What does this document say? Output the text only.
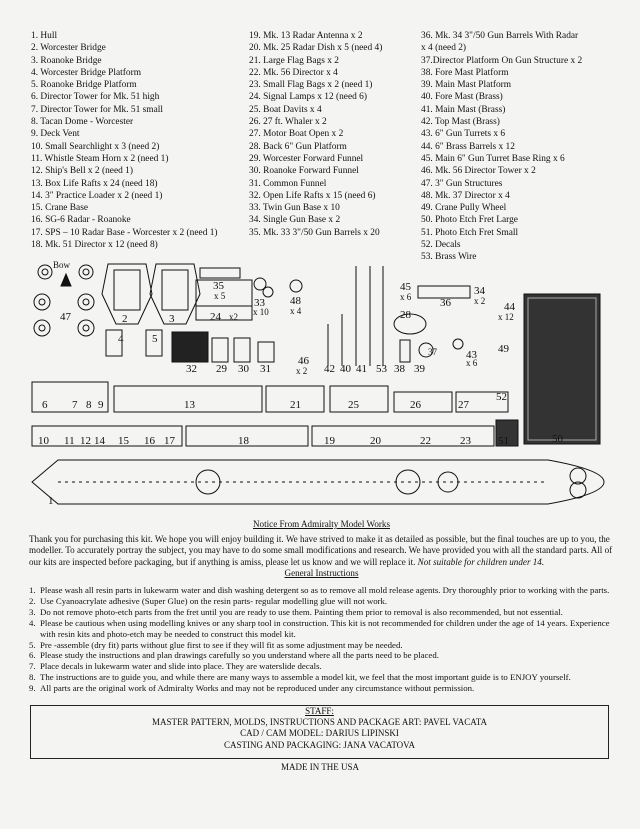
1. Hull
2. Worcester Bridge
3. Roanoke Bridge
4. Worcester Bridge Platform
5. Roanoke Bridge Platform
6. Director Tower for Mk. 51 high
7. Director Tower for Mk. 51 small
8. Tacan Dome - Worcester
9. Deck Vent
10. Small Searchlight x 3 (need 2)
11. Whistle Steam Horn x 2 (need 1)
12. Ship's Bell x 2 (need 1)
13. Box Life Rafts x 24 (need 18)
14. 3" Practice Loader x 2 (need 1)
15. Crane Base
16. SG-6 Radar - Roanoke
17. SPS – 10 Radar Base - Worcester x 2 (need 1)
18. Mk. 51 Director x 12 (need 8)
19. Mk. 13 Radar Antenna x 2
20. Mk. 25 Radar Dish x 5 (need 4)
21. Large Flag Bags x 2
22. Mk. 56 Director x 4
23. Small Flag Bags x 2 (need 1)
24. Signal Lamps x 12 (need 6)
25. Boat Davits x 4
26. 27 ft. Whaler x 2
27. Motor Boat Open x 2
28. Back 6" Gun Platform
29. Worcester Forward Funnel
30. Roanoke Forward Funnel
31. Common Funnel
32. Open Life Rafts x 15 (need 6)
33. Twin Gun Base x 10
34. Single Gun Base x 2
35. Mk. 33 3"/50 Gun Barrels x 20
36. Mk. 34 3"/50 Gun Barrels With Radar
x 4 (need 2)
37.Director Platform On Gun Structure x 2
38. Fore Mast Platform
39. Main Mast Platform
40. Fore Mast (Brass)
41. Main Mast (Brass)
42. Top Mast (Brass)
43. 6" Gun Turrets x 6
44. 6" Brass Barrels x 12
45. Main 6" Gun Turret Base Ring x 6
46. Mk. 56 Director Tower x 2
47. 3" Gun Structures
48. Mk. 37 Director x 4
49. Crane Pully Wheel
50. Photo Etch Fret Large
51. Photo Etch Fret Small
52. Decals
53. Brass Wire
Bow
47	2	3
4	5
35
x 5
24 x2
33
x 10
48
x 4
46
x 2 42 40 41 53
32 29 30 31
45
x 6	36
34
x 2 44
x 12
28
38 39
37	43
x 6
49
50
6 7 8 9	13	21	25	26	27
52
10 11 12 14 15 16 17	18	19	20	22	23 51
1

Notice From Admiralty Model Works

Thank you for purchasing this kit. We hope you will enjoy building it. We have strived to make it as detailed as possible, but the final touches are up to you, the modeller. To accurately portray the subject, you may have to do some small modifications and research. We have provided you with all the standard parts. All of our kits are inspected before packaging, but if anything is amiss, please let us know and we will replace it. Not suitable for children under 14.

General Instructions

1. Please wash all resin parts in lukewarm water and dish washing detergent so as to remove all mold release agents. Dry thoroughly prior to working with the parts.
2. Use Cyanoacrylate adhesive (Super Glue) on the resin parts- regular modelling glue will not work.
3. Do not remove photo-etch parts from the fret until you are ready to use them. Painting them prior to removal is also recommended, but not essential.
4. Please be cautious when using modelling knives or any sharp tool in construction. This kit is not recommended for children under the age of 14 years. Experience with resin kits and photo-etch may be needed to construct this model kit.
5. Pre -assemble (dry fit) parts without glue first to see if they will fit as some adjustment may be needed.
6. Please study the instructions and plan drawings carefully so you understand where all the parts need to be placed.
7. Place decals in lukewarm water and slide into place. They are waterslide decals.
8. The instructions are to guide you, and while there are many ways to assemble a model kit, we feel that the most important guide is to ENJOY yourself.
9. All parts are the original work of Admiralty Works and may not be reproduced under any circumstance without permission.
STAFF:
MASTER PATTERN, MOLDS, INSTRUCTIONS AND PACKAGE ART: PAVEL VACATA
CAD / CAM MODEL: DARIUS LIPINSKI
CASTING AND PACKAGING: JANA VACATOVA
MADE IN THE USA
